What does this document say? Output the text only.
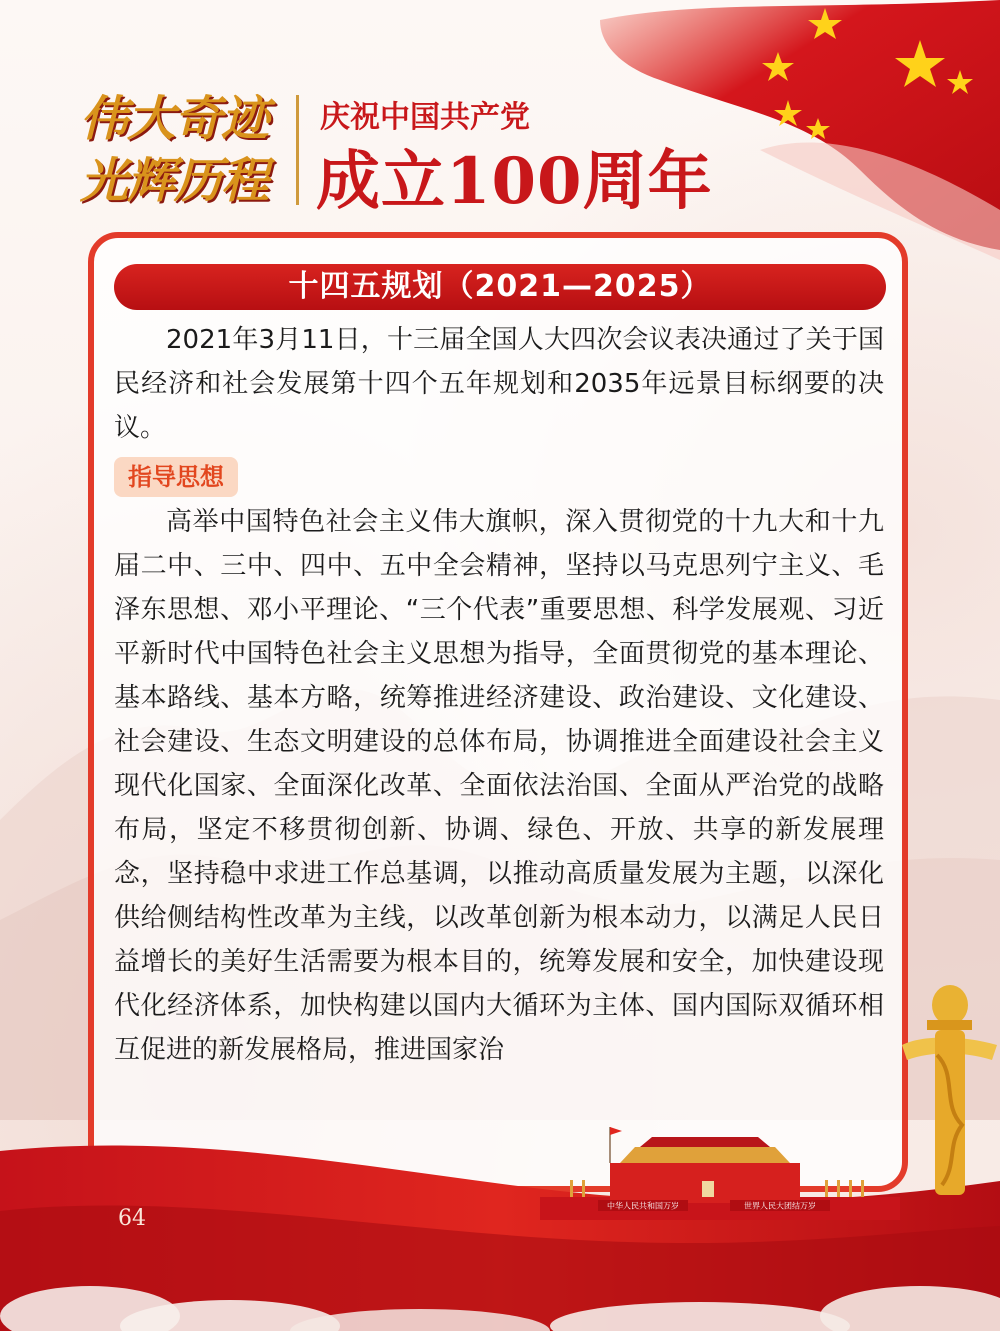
伟大奇迹
光辉历程
庆祝中国共产党
成立100周年
十四五规划（2021—2025）

2021年3月11日，十三届全国人大四次会议表决通过了关于国民经济和社会发展第十四个五年规划和2035年远景目标纲要的决议。

指导思想

高举中国特色社会主义伟大旗帜，深入贯彻党的十九大和十九届二中、三中、四中、五中全会精神，坚持以马克思列宁主义、毛泽东思想、邓小平理论、“三个代表”重要思想、科学发展观、习近平新时代中国特色社会主义思想为指导，全面贯彻党的基本理论、基本路线、基本方略，统筹推进经济建设、政治建设、文化建设、社会建设、生态文明建设的总体布局，协调推进全面建设社会主义现代化国家、全面深化改革、全面依法治国、全面从严治党的战略布局，坚定不移贯彻创新、协调、绿色、开放、共享的新发展理念，坚持稳中求进工作总基调，以推动高质量发展为主题，以深化供给侧结构性改革为主线，以改革创新为根本动力，以满足人民日益增长的美好生活需要为根本目的，统筹发展和安全，加快建设现代化经济体系，加快构建以国内大循环为主体、国内国际双循环相互促进的新发展格局，推进国家治

64	中华人民共和国万岁	世界人民大团结万岁
